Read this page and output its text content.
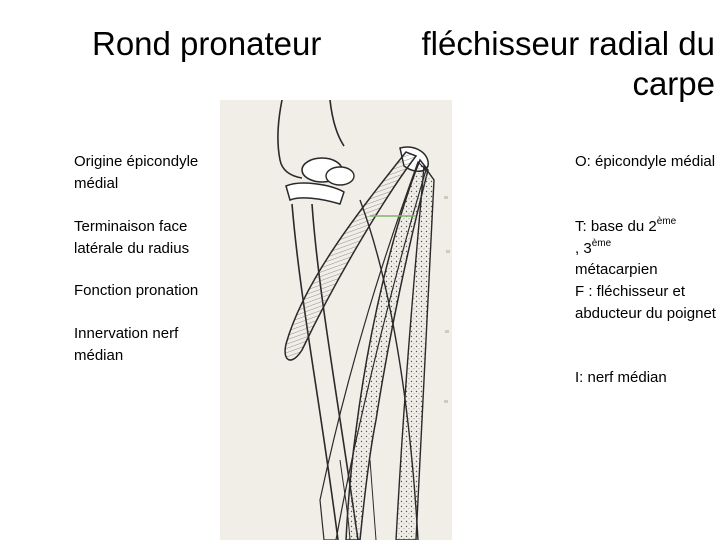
Rond pronateur	fléchisseur radial du carpe

Origine épicondyle médial

Terminaison face latérale du radius

Fonction pronation

Innervation nerf médian

O: épicondyle médial

T: base du 2ème
, 3ème
métacarpien

F : fléchisseur et abducteur du poignet

I: nerf médian
